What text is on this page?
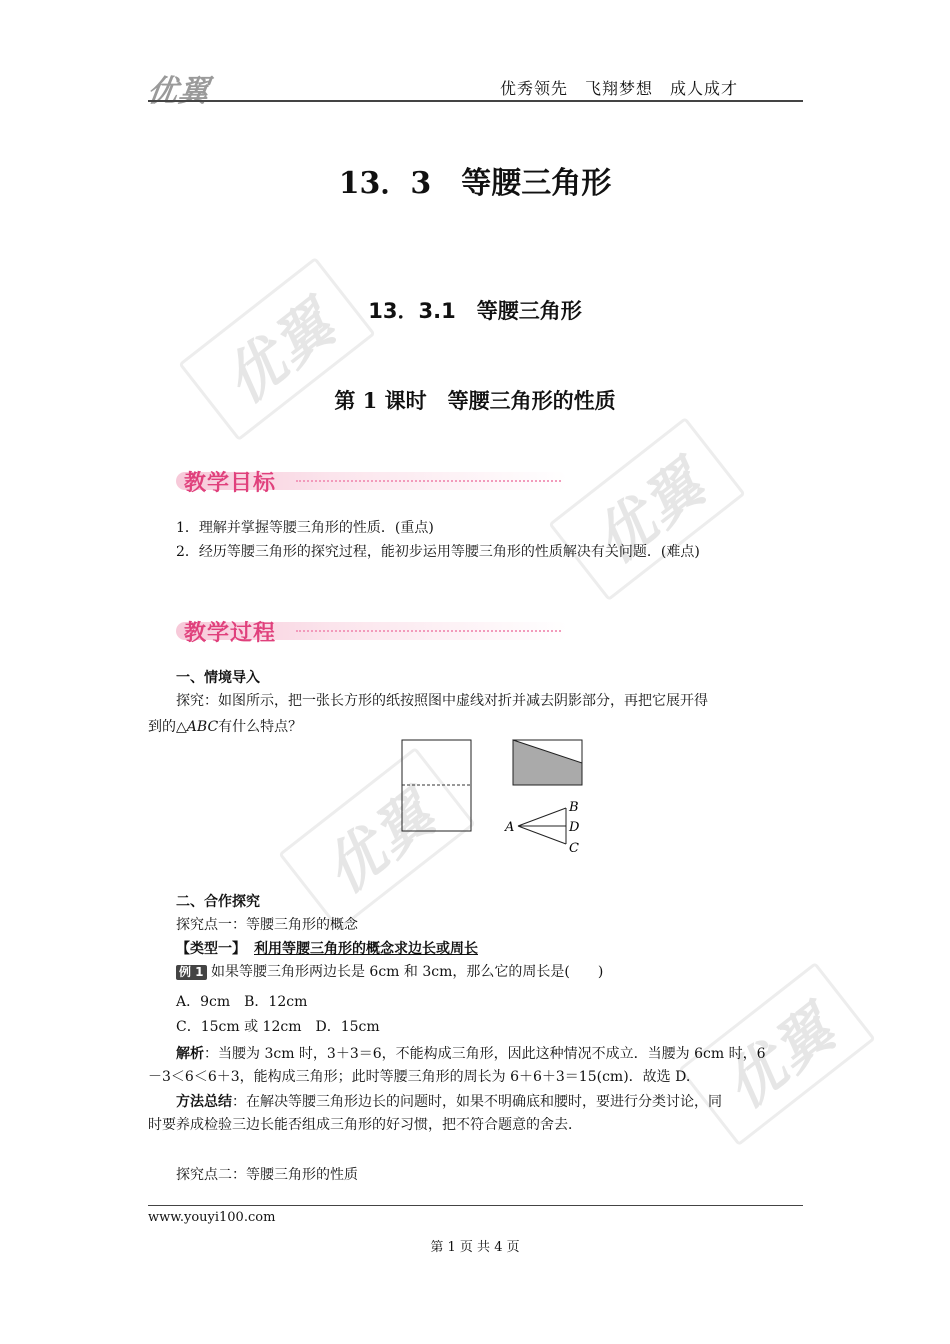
优翼
优翼
优翼
优翼
优翼	优秀领先　飞翔梦想　成人成才
13．3　等腰三角形
13．3.1　等腰三角形
第 1 课时　等腰三角形的性质
教学目标
1．理解并掌握等腰三角形的性质．(重点)
2．经历等腰三角形的探究过程，能初步运用等腰三角形的性质解决有关问题．(难点)
教学过程
一、情境导入
探究：如图所示，把一张长方形的纸按照图中虚线对折并减去阴影部分，再把它展开得
到的△ABC有什么特点？
A
B
D
C
二、合作探究
探究点一：等腰三角形的概念
【类型一】 利用等腰三角形的概念求边长或周长
例 1 如果等腰三角形两边长是 6cm 和 3cm，那么它的周长是(　　)
A．9cm　B．12cm
C．15cm 或 12cm　D．15cm
解析：当腰为 3cm 时，3＋3＝6，不能构成三角形，因此这种情况不成立．当腰为 6cm 时，6
－3＜6＜6＋3，能构成三角形；此时等腰三角形的周长为 6＋6＋3＝15(cm)．故选 D.
方法总结：在解决等腰三角形边长的问题时，如果不明确底和腰时，要进行分类讨论，同
时要养成检验三边长能否组成三角形的好习惯，把不符合题意的舍去．
探究点二：等腰三角形的性质
www.youyi100.com
第 1 页 共 4 页
